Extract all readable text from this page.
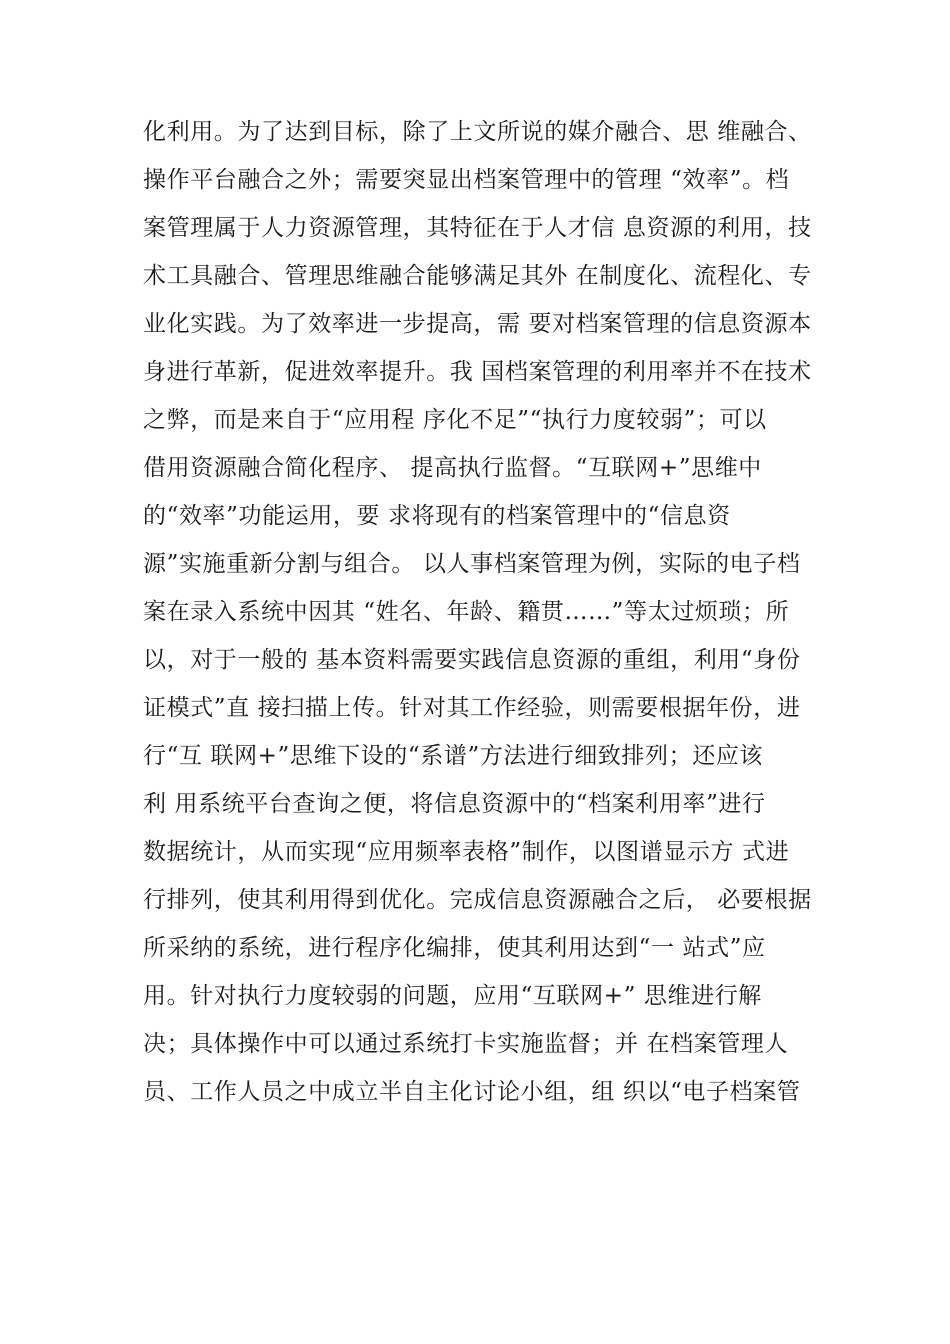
化利用。为了达到目标，除了上文所说的媒介融合、思 维融合、
操作平台融合之外；需要突显出档案管理中的管理 “效率”。档
案管理属于人力资源管理，其特征在于人才信 息资源的利用，技
术工具融合、管理思维融合能够满足其外 在制度化、流程化、专
业化实践。为了效率进一步提高，需 要对档案管理的信息资源本
身进行革新，促进效率提升。我 国档案管理的利用率并不在技术
之弊，而是来自于“应用程 序化不足”“执行力度较弱”；可以
借用资源融合简化程序、 提高执行监督。“互联网+”思维中
的“效率”功能运用，要 求将现有的档案管理中的“信息资
源”实施重新分割与组合。 以人事档案管理为例，实际的电子档
案在录入系统中因其 “姓名、年龄、籍贯……”等太过烦琐；所
以，对于一般的 基本资料需要实践信息资源的重组，利用“身份
证模式”直 接扫描上传。针对其工作经验，则需要根据年份，进
行“互 联网+”思维下设的“系谱”方法进行细致排列；还应该
利 用系统平台查询之便，将信息资源中的“档案利用率”进行
数据统计，从而实现“应用频率表格”制作，以图谱显示方 式进
行排列，使其利用得到优化。完成信息资源融合之后， 必要根据
所采纳的系统，进行程序化编排，使其利用达到“一 站式”应
用。针对执行力度较弱的问题，应用“互联网+” 思维进行解
决；具体操作中可以通过系统打卡实施监督；并 在档案管理人
员、工作人员之中成立半自主化讨论小组，组 织以“电子档案管
